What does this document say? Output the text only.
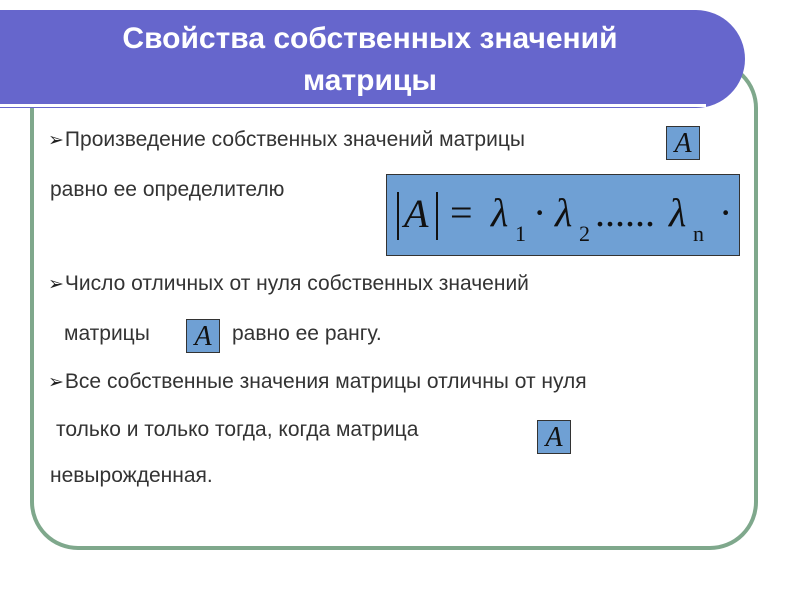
Свойства собственных значений
матрицы
➢Произведение собственных значений матрицы	A
равно ее определителю
A = λ 1 · λ 2 ...... λ n ·
➢Число отличных от нуля собственных значений
матрицы	A равно ее рангу.
➢Все собственные значения матрицы отличны от нуля
только и только тогда, когда матрица	A
невырожденная.
